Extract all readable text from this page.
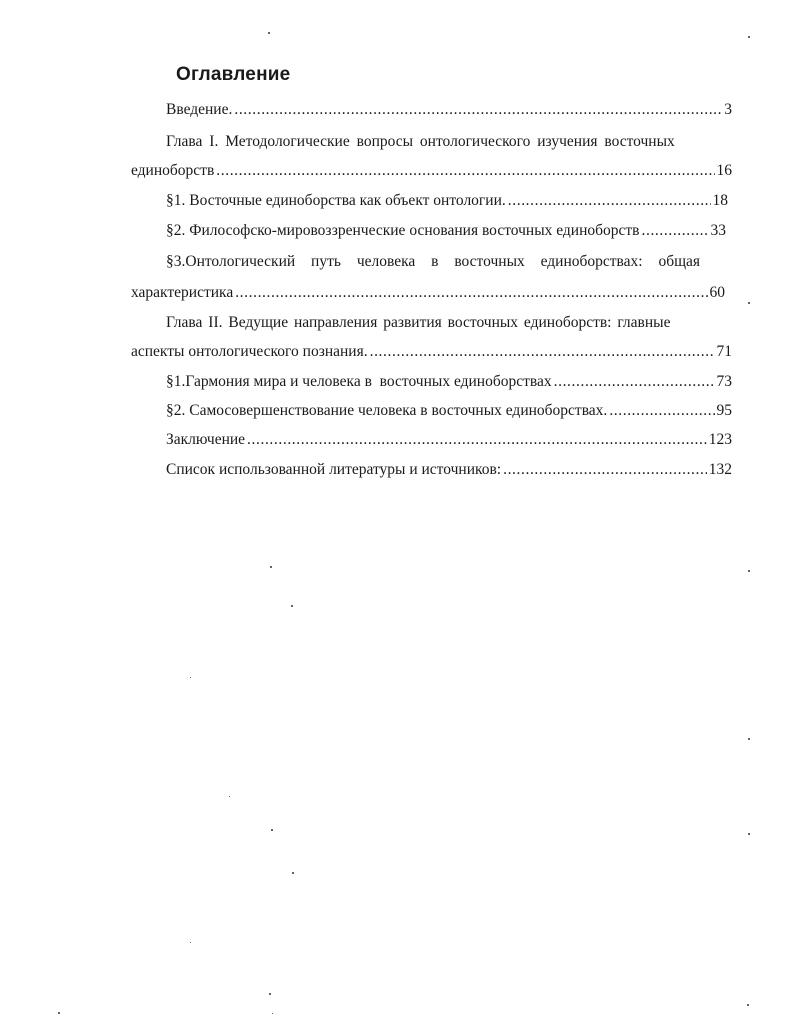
Оглавление
Введение. .....	3
Глава I. Методологические вопросы онтологического изучения восточных
единоборств .....	16
§1. Восточные единоборства как объект онтологии. .....	18
§2. Философско-мировоззренческие основания восточных единоборств .....	33
§3.Онтологический путь человека в восточных единоборствах: общая
характеристика .....	60
Глава II. Ведущие направления развития восточных единоборств: главные
аспекты онтологического познания. .....	71
§1.Гармония мира и человека в  восточных единоборствах .....	73
§2. Самосовершенствование человека в восточных единоборствах. .....	95
Заключение .....	123
Список использованной литературы и источников: .....	132
